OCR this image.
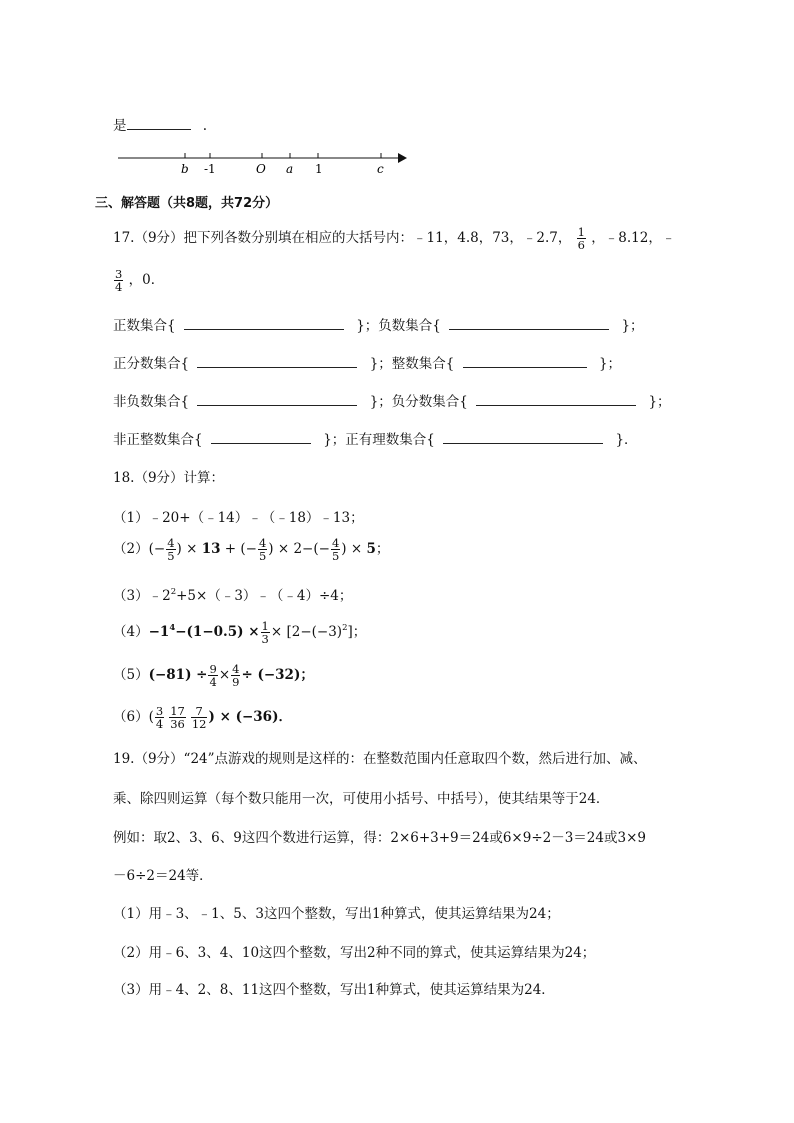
是	.
b -1	O a 1	c
三、解答题（共8题，共72分）
17.（9分）把下列各数分别填在相应的大括号内：﹣11，4.8，73，﹣2.7， $\frac{1}{6}$ ，﹣8.12，﹣
$\frac{3}{4}$ ，0．
正数集合{	}；负数集合{	}；
正分数集合{	}；整数集合{	}；
非负数集合{	}；负分数集合{	}；
非正整数集合{	}；正有理数集合{	}．
18.（9分）计算：
（1）﹣20+（﹣14）﹣（﹣18）﹣13；
$(2)(- \frac{4}{5}$ ) × 13 + (− $\frac{4}{5}$ ) × $2-(- \frac{4}{5}$ ) × 5；
$(3)﹣2^2+5\times(﹣3)﹣(﹣4)\div 4$；
$(4)-1^4-(1-0.5) \times \frac{1}{3} \times [2-(-3)^2]$；
$(5)(-81) \div \frac{9}{4} \times \frac{4}{9} \div (-32)$；
$(6)( \frac{3}{4} \frac{17}{36} \frac{7}{12}$ ) × (−36)．
19.（9分）“24”点游戏的规则是这样的：在整数范围内任意取四个数，然后进行加、减、
乘、除四则运算（每个数只能用一次，可使用小括号、中括号），使其结果等于24．
例如：取2、3、6、9这四个数进行运算，得：2×6+3+9＝24或6×9÷2－3＝24或3×9
－6÷2＝24等．
（1）用﹣3、﹣1、5、3这四个整数，写出1种算式，使其运算结果为24；
（2）用﹣6、3、4、10这四个整数，写出2种不同的算式，使其运算结果为24；
（3）用﹣4、2、8、11这四个整数，写出1种算式，使其运算结果为24．
